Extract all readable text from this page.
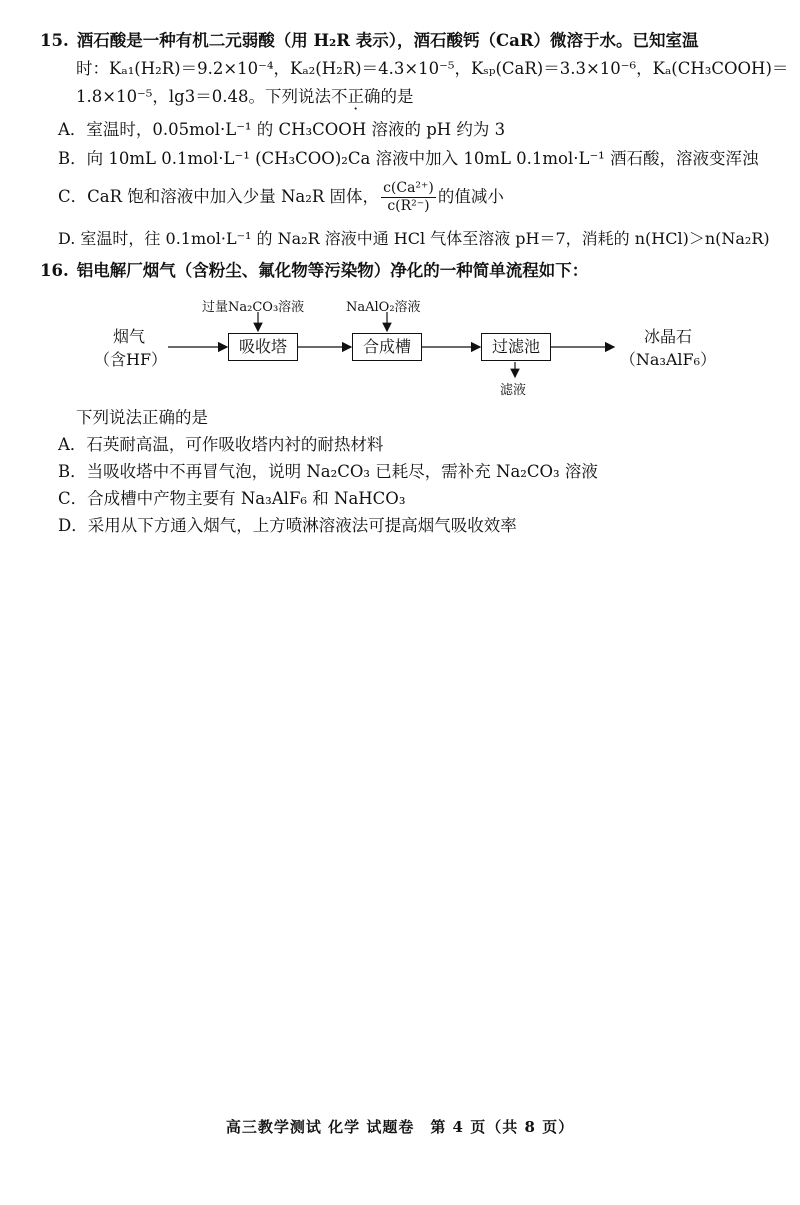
15. 酒石酸是一种有机二元弱酸（用 H₂R 表示），酒石酸钙（CaR）微溶于水。已知室温
时：Kₐ₁(H₂R)＝9.2×10⁻⁴，Kₐ₂(H₂R)＝4.3×10⁻⁵，Kₛₚ(CaR)＝3.3×10⁻⁶，Kₐ(CH₃COOH)＝
1.8×10⁻⁵，lg3＝0.48。下列说法不正确的是
A．室温时，0.05mol·L⁻¹ 的 CH₃COOH 溶液的 pH 约为 3
B．向 10mL 0.1mol·L⁻¹ (CH₃COO)₂Ca 溶液中加入 10mL 0.1mol·L⁻¹ 酒石酸，溶液变浑浊
C．CaR 饱和溶液中加入少量 Na₂R 固体， $\frac{\text{c(Ca²⁺)}}{\text{c(R²⁻)}}$ 的值减小
D. 室温时，往 0.1mol·L⁻¹ 的 Na₂R 溶液中通 HCl 气体至溶液 pH＝7，消耗的 n(HCl)＞n(Na₂R)
16. 铝电解厂烟气（含粉尘、氟化物等污染物）净化的一种简单流程如下：
烟气
（含HF）
过量Na₂CO₃溶液
吸收塔
NaAlO₂溶液
合成槽	过滤池
滤液
冰晶石
（Na₃AlF₆）
下列说法正确的是
A．石英耐高温，可作吸收塔内衬的耐热材料
B．当吸收塔中不再冒气泡，说明 Na₂CO₃ 已耗尽，需补充 Na₂CO₃ 溶液
C．合成槽中产物主要有 Na₃AlF₆ 和 NaHCO₃
D．采用从下方通入烟气，上方喷淋溶液法可提高烟气吸收效率
高三教学测试 化学 试题卷　第 4 页（共 8 页）
